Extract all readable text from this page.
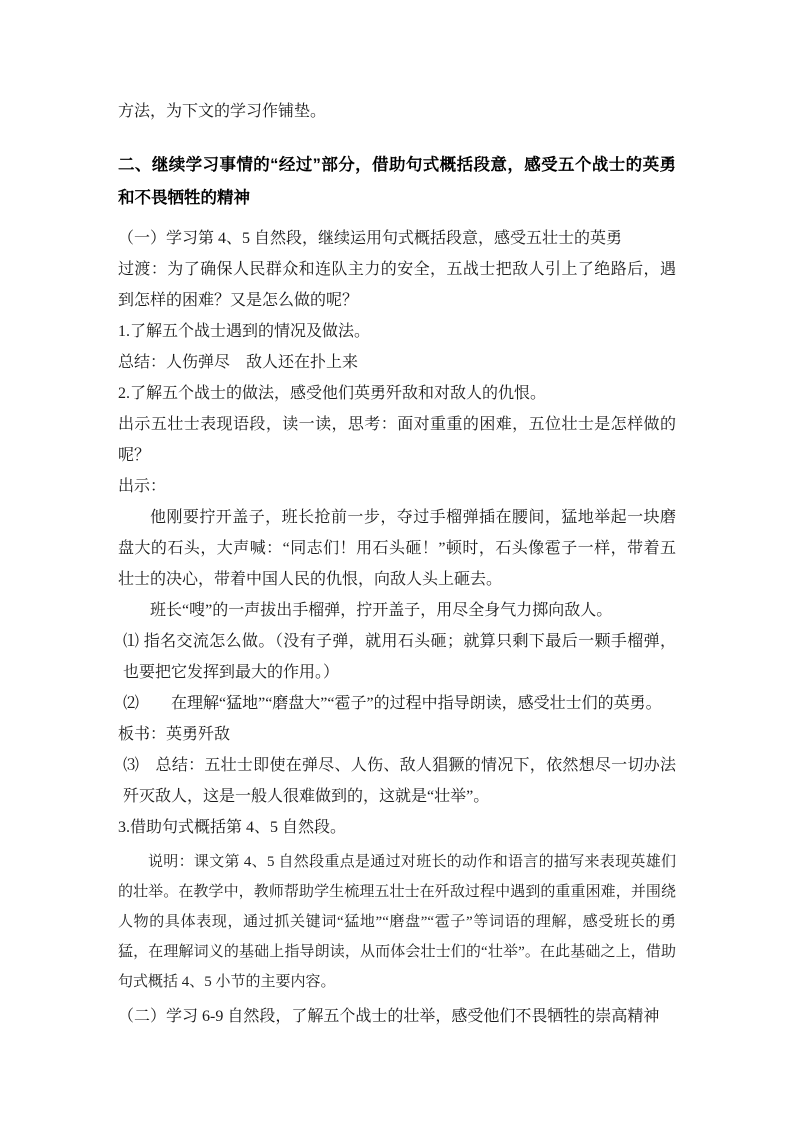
方法，为下文的学习作铺垫。

二、继续学习事情的“经过”部分，借助句式概括段意，感受五个战士的英勇和不畏牺牲的精神

（一）学习第 4、5 自然段，继续运用句式概括段意，感受五壮士的英勇

过渡：为了确保人民群众和连队主力的安全，五战士把敌人引上了绝路后，遇到怎样的困难？又是怎么做的呢？

1.了解五个战士遇到的情况及做法。

总结：人伤弹尽　敌人还在扑上来

2.了解五个战士的做法，感受他们英勇歼敌和对敌人的仇恨。

出示五壮士表现语段，读一读，思考：面对重重的困难，五位壮士是怎样做的呢？

出示：

他刚要拧开盖子，班长抢前一步，夺过手榴弹插在腰间，猛地举起一块磨盘大的石头，大声喊：“同志们！用石头砸！”顿时，石头像雹子一样，带着五壮士的决心，带着中国人民的仇恨，向敌人头上砸去。

班长“嗖”的一声拔出手榴弹，拧开盖子，用尽全身气力掷向敌人。

⑴ 指名交流怎么做。（没有子弹，就用石头砸；就算只剩下最后一颗手榴弹，也要把它发挥到最大的作用。）

⑵　　在理解“猛地”“磨盘大”“雹子”的过程中指导朗读，感受壮士们的英勇。

板书：英勇歼敌

⑶　总结：五壮士即使在弹尽、人伤、敌人猖獗的情况下，依然想尽一切办法歼灭敌人，这是一般人很难做到的，这就是“壮举”。

3.借助句式概括第 4、5 自然段。

说明：课文第 4、5 自然段重点是通过对班长的动作和语言的描写来表现英雄们的壮举。在教学中，教师帮助学生梳理五壮士在歼敌过程中遇到的重重困难，并围绕人物的具体表现，通过抓关键词“猛地”“磨盘”“雹子”等词语的理解，感受班长的勇猛，在理解词义的基础上指导朗读，从而体会壮士们的“壮举”。在此基础之上，借助句式概括 4、5 小节的主要内容。

（二）学习 6-9 自然段，了解五个战士的壮举，感受他们不畏牺牲的崇高精神
